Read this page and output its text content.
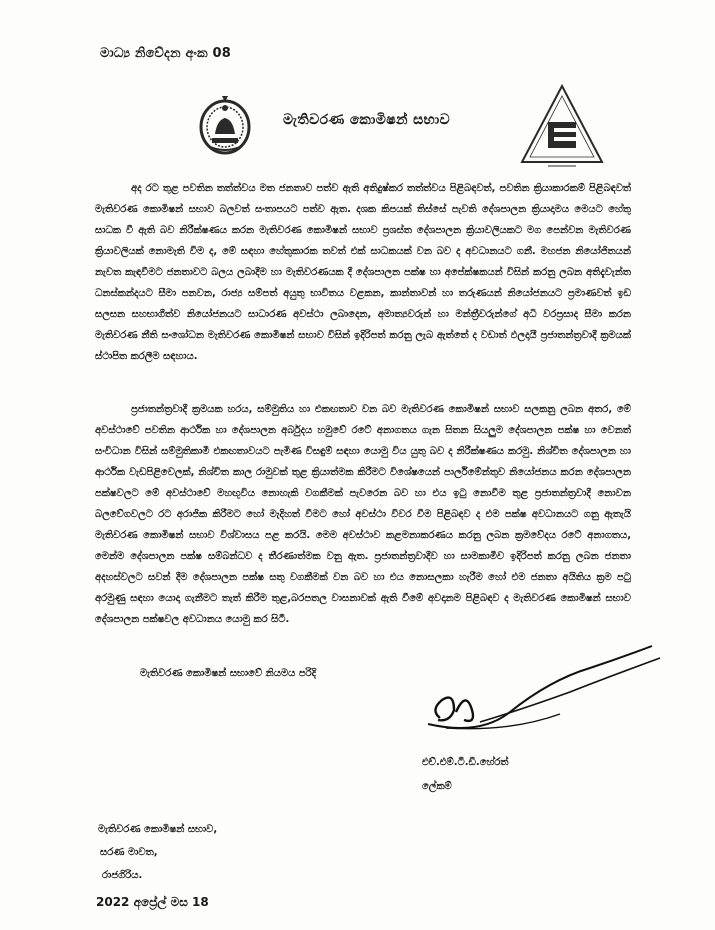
මාධ්‍ය නිවේදන අංක 08
මැතිවරණ කොමිෂන් සභාව

අද රට තුළ පවතින තත්ත්වය මත ජනතාව පත්ව ඇති අතිදුෂ්කර තත්ත්වය පිළිබඳවත්, පවතින ක්‍රියාකාරකම් පිළිබඳවත් මැතිවරණ කොමිෂන් සභාව බලවත් සංතාපයට පත්ව ඇත. දශක කිපයක් තිස්සේ පැවති දේශපාලන ක්‍රියාදාමය මෙයට හේතු සාධක වී ඇති බව නිරීක්ෂණය කරන මැතිවරණ කොමිෂන් සභාව ප්‍රශස්ත දේශපාලන ක්‍රියාවලියකට මග පෙන්වන මැතිවරණ ක්‍රියාවලියක් නොමැති වීම ද, මේ සඳහා හේතුකාරක තවත් එක් සාධකයක් වන බව ද අවධානයට ගනී. මහජන නියෝජිතයන් නැවත කැඳවීමට ජනතාවට බලය ලබාදීම හා මැතිවරණයක දී දේශපාලන පක්ෂ හා අපේක්ෂකයන් විසින් කරනු ලබන අතිදැවැන්ත ධනස්කන්දයට සීමා පනවන, රාජ්‍ය සම්පත් අයුතු භාවිතය වළකන, කාන්තාවන් හා තරුණයන් නියෝජනයට ප්‍රමාණවත් ඉඩ සලසන සහභාගීත්ව නියෝජනයට සාධාරණ අවස්ථා ලබාදෙන, අමාත්‍යවරුන් හා මන්ත්‍රීවරුන්ගේ අධි වරප්‍රසාද සීමා කරන මැතිවරණ නීති සංශෝධන මැතිවරණ කොමිෂන් සභාව විසින් ඉදිරිපත් කරනු ලැබ ඇත්තේ ද වඩාත් ඵලදායී ප්‍රජාතන්ත්‍රවාදී ක්‍රමයක් ස්ථාපිත කරලීම සඳහාය.

ප්‍රජාතන්ත්‍රවාදී ක්‍රමයක හරය, සම්මුතිය හා එකඟතාව වන බව මැතිවරණ කොමිෂන් සභාව සලකනු ලබන අතර, මේ අවස්ථාවේ පවතින ආර්ථික හා දේශපාලන අර්බුදය හමුවේ රටේ අනාගතය ගැන සිතන සියලුම දේශපාලන පක්ෂ හා වෙනත් සංවිධාන විසින් සම්මුතිකාමී එකඟතාවයට පැමිණ විසඳුම් සඳහා යොමු විය යුතු බව ද නිරීක්ෂණය කරමු. නිශ්චිත දේශපාලන හා ආර්ථික වැඩපිළිවෙලක්, නිශ්චිත කාල රාමුවක් තුළ ක්‍රියාත්මක කිරීමට විශේෂයෙන් පාර්ලිමේන්තුව නියෝජනය කරන දේශපාලන පක්ෂවලට මේ අවස්ථාවේ මහඟුවිය නොහැකි වගකීමක් පැවරෙන බව හා එය ඉටු නොවීම තුළ ප්‍රජාතන්ත්‍රවාදී නොවන බලවේගවලට රට අරාජික කිරීමට හෝ මැදිහත් වීමට හෝ අවස්ථා විවර වීම පිළිබඳව ද එම පක්ෂ අවධානයට ගනු ඇතැයි මැතිවරණ කොමිෂන් සභාව විශ්වාසය පළ කරයි. මෙම අවස්ථාව කළමනාකරණය කරනු ලබන ක්‍රමවේදය රටේ අනාගතය, මෙන්ම දේශපාලන පක්ෂ සම්බන්ධව ද තීරණාත්මක වනු ඇත. ප්‍රජාතන්ත්‍රවාදීව හා සාමකාමීව ඉදිරිපත් කරනු ලබන ජනතා අදහස්වලට සවන් දීම දේශපාලන පක්ෂ සතු වගකීමක් වන බව හා එය නොසලකා හැරීම හෝ එම ජනතා අයිතිය ක්‍රම පටු අරමුණු සඳහා යොදා ගැනීමට තැත් කිරීම තුළ,බරපතල වාසනාවක් ඇති වීමේ අවදානම පිළිබඳව ද මැතිවරණ කොමිෂන් සභාව දේශපාලන පක්ෂවල අවධානය යොමු කර සිටී.

මැතිවරණ කොමිෂන් සභාවේ නියමය පරිදි
එච්.එම්.ටී.ඩී.හේරත්
ලේකම්
මැතිවරණ කොමිෂන් සභාව,
සරණ මාවත,
රාජගිරිය.
2022 අප්‍රේල් මස 18
